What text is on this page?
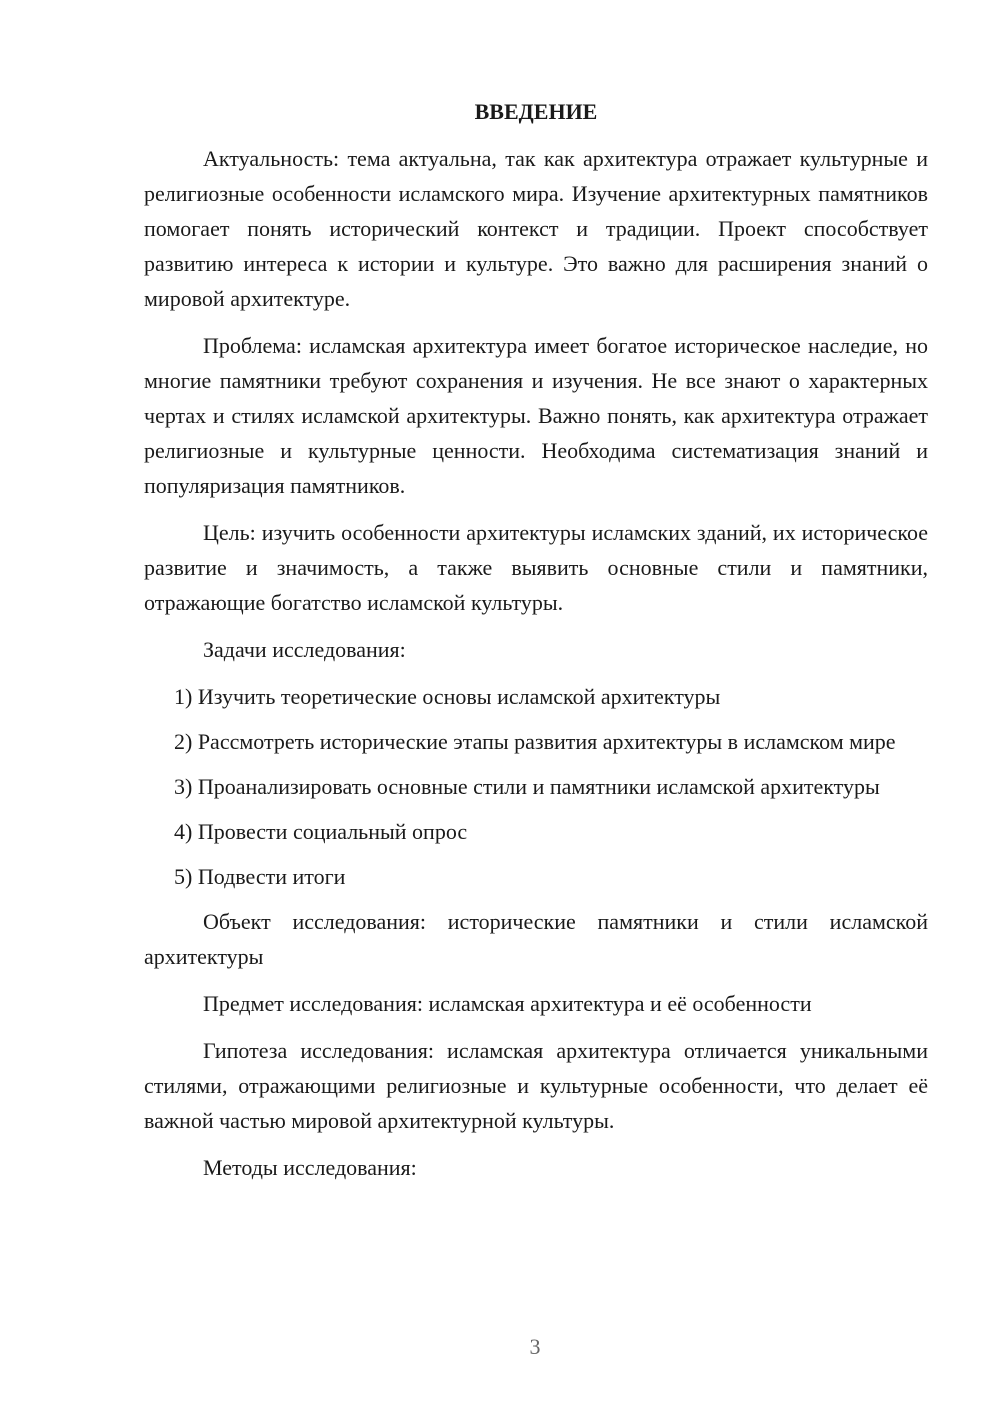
ВВЕДЕНИЕ

Актуальность: тема актуальна, так как архитектура отражает культурные и религиозные особенности исламского мира. Изучение архитектурных памятников помогает понять исторический контекст и традиции. Проект способствует развитию интереса к истории и культуре. Это важно для расширения знаний о мировой архитектуре.

Проблема: исламская архитектура имеет богатое историческое наследие, но многие памятники требуют сохранения и изучения. Не все знают о характерных чертах и стилях исламской архитектуры. Важно понять, как архитектура отражает религиозные и культурные ценности. Необходима систематизация знаний и популяризация памятников.

Цель: изучить особенности архитектуры исламских зданий, их историческое развитие и значимость, а также выявить основные стили и памятники, отражающие богатство исламской культуры.

Задачи исследования:

1) Изучить теоретические основы исламской архитектуры

2) Рассмотреть исторические этапы развития архитектуры в исламском мире

3) Проанализировать основные стили и памятники исламской архитектуры

4) Провести социальный опрос

5) Подвести итоги

Объект исследования: исторические памятники и стили исламской архитектуры

Предмет исследования: исламская архитектура и её особенности

Гипотеза исследования: исламская архитектура отличается уникальными стилями, отражающими религиозные и культурные особенности, что делает её важной частью мировой архитектурной культуры.

Методы исследования:

3
